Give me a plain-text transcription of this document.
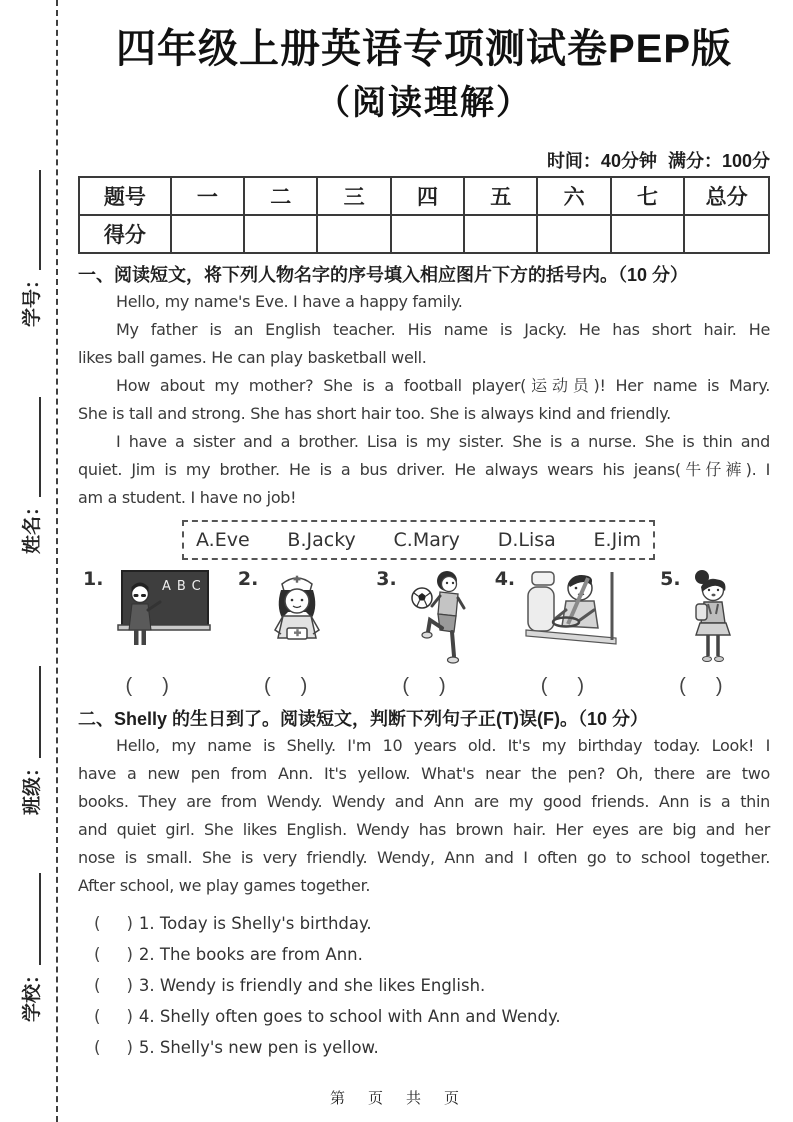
学校：
班级：
姓名：
学号：
四年级上册英语专项测试卷PEP版
（阅读理解）
时间：40分钟 满分：100分
题号	一	二	三	四	五	六	七	总分
得分								
一、阅读短文，将下列人物名字的序号填入相应图片下方的括号内。（10 分）
Hello, my name's Eve. I have a happy family.
My father is an English teacher. His name is Jacky. He has short hair. He
likes ball games. He can play basketball well.
How about my mother? She is a football player(运动员)! Her name is Mary.
She is tall and strong. She has short hair too. She is always kind and friendly.
I have a sister and a brother. Lisa is my sister. She is a nurse. She is thin and
quiet. Jim is my brother. He is a bus driver. He always wears his jeans(牛仔裤). I
am a student. I have no job!
A.Eve B.Jacky C.Mary D.Lisa E.Jim
1.	ABC
( )
2.
( )
3.
( )
4.
( )
5.
( )
二、Shelly 的生日到了。阅读短文，判断下列句子正(T)误(F)。（10 分）
Hello, my name is Shelly. I'm 10 years old. It's my birthday today. Look! I
have a new pen from Ann. It's yellow. What's near the pen? Oh, there are two
books. They are from Wendy. Wendy and Ann are my good friends. Ann is a thin
and quiet girl. She likes English. Wendy has brown hair. Her eyes are big and her
nose is small. She is very friendly. Wendy, Ann and I often go to school together.
After school, we play games together.
( ) 1. Today is Shelly's birthday.
( ) 2. The books are from Ann.
( ) 3. Wendy is friendly and she likes English.
( ) 4. Shelly often goes to school with Ann and Wendy.
( ) 5. Shelly's new pen is yellow.
第　页　共　页
